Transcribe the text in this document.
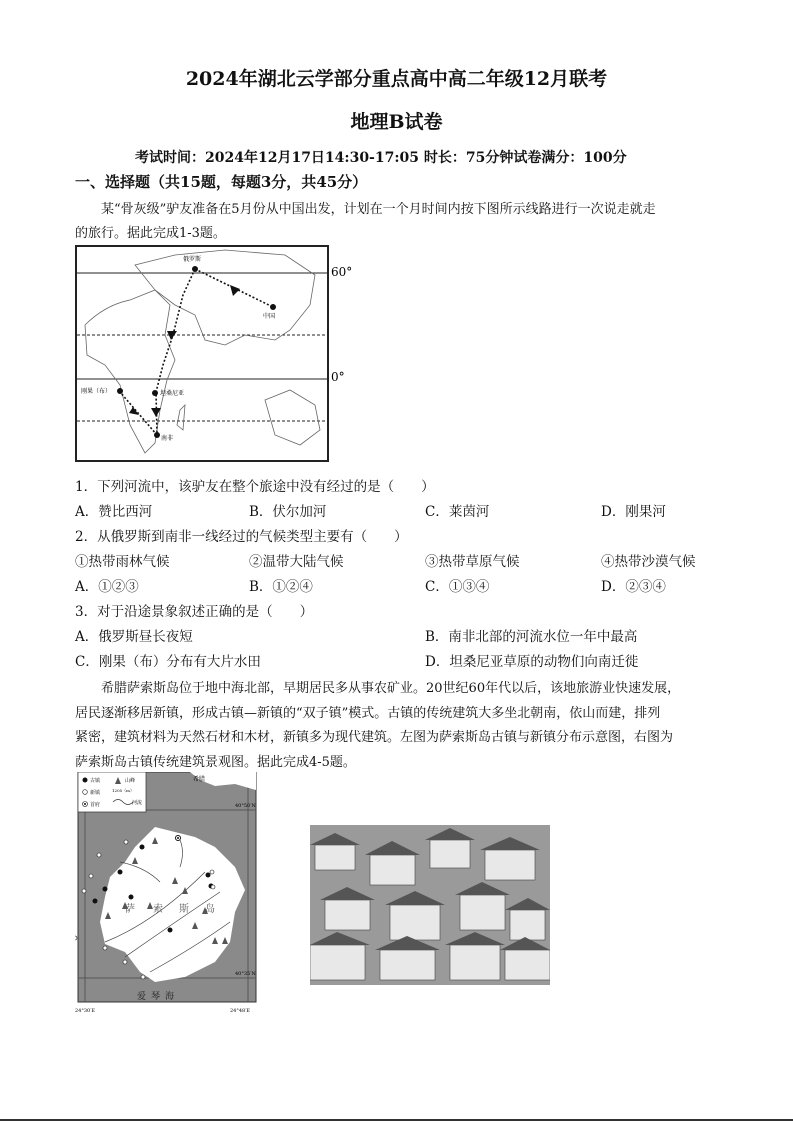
2024年湖北云学部分重点高中高二年级12月联考
地理B试卷
考试时间：2024年12月17日14:30-17:05 时长：75分钟试卷满分：100分
一、选择题（共15题，每题3分，共45分）
某“骨灰级”驴友准备在5月份从中国出发，计划在一个月时间内按下图所示线路进行一次说走就走
的旅行。据此完成1-3题。
俄罗斯
中国
刚果（布）	坦桑尼亚
南非
60°
0°
1．下列河流中，该驴友在整个旅途中没有经过的是（　　）
A．赞比西河	B．伏尔加河	C．莱茵河	D．刚果河
2．从俄罗斯到南非一线经过的气候类型主要有（　　）
①热带雨林气候	②温带大陆气候	③热带草原气候	④热带沙漠气候
A．①②③	B．①②④	C．①③④	D．②③④
3．对于沿途景象叙述正确的是（　　）
A．俄罗斯昼长夜短	B．南非北部的河流水位一年中最高
C．刚果（布）分布有大片水田	D．坦桑尼亚草原的动物们向南迁徙
希腊萨索斯岛位于地中海北部，早期居民多从事农矿业。20世纪60年代以后，该地旅游业快速发展，
居民逐渐移居新镇，形成古镇—新镇的“双子镇”模式。古镇的传统建筑大多坐北朝南，依山而建，排列
紧密，建筑材料为天然石材和木材，新镇多为现代建筑。左图为萨索斯岛古镇与新镇分布示意图，右图为
萨索斯岛古镇传统建筑景观图。据此完成4-5题。
希腊
古镇
新镇
首府
山峰
1205（m）
河流
萨 索 斯 岛
爱琴海
40°50′N
40°35′N
24°30′E	24°48′E
